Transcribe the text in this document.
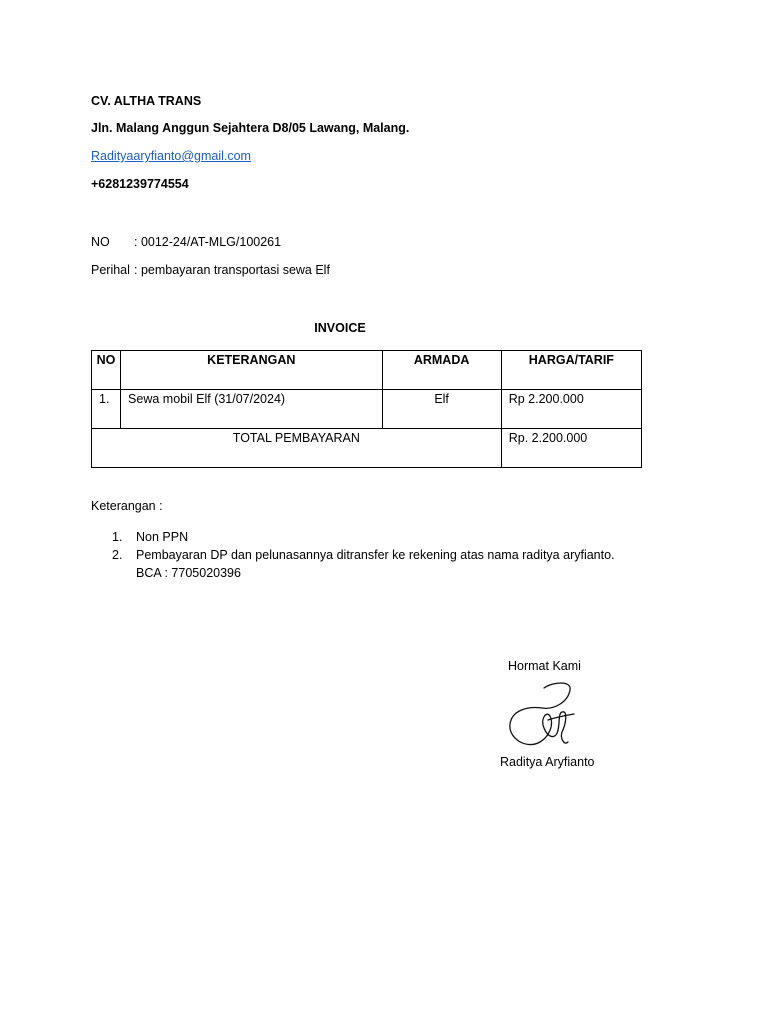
CV. ALTHA TRANS
Jln. Malang Anggun Sejahtera D8/05 Lawang, Malang.
Radityaaryfianto@gmail.com
+6281239774554
NO : 0012-24/AT-MLG/100261
Perihal : pembayaran transportasi sewa Elf
INVOICE
NO	KETERANGAN	ARMADA	HARGA/TARIF
1.	Sewa mobil Elf (31/07/2024)	Elf	Rp 2.200.000
TOTAL PEMBAYARAN			Rp. 2.200.000
Keterangan :
1. Non PPN
2. Pembayaran DP dan pelunasannya ditransfer ke rekening atas nama raditya aryfianto.
BCA : 7705020396
Hormat Kami
Raditya Aryfianto
